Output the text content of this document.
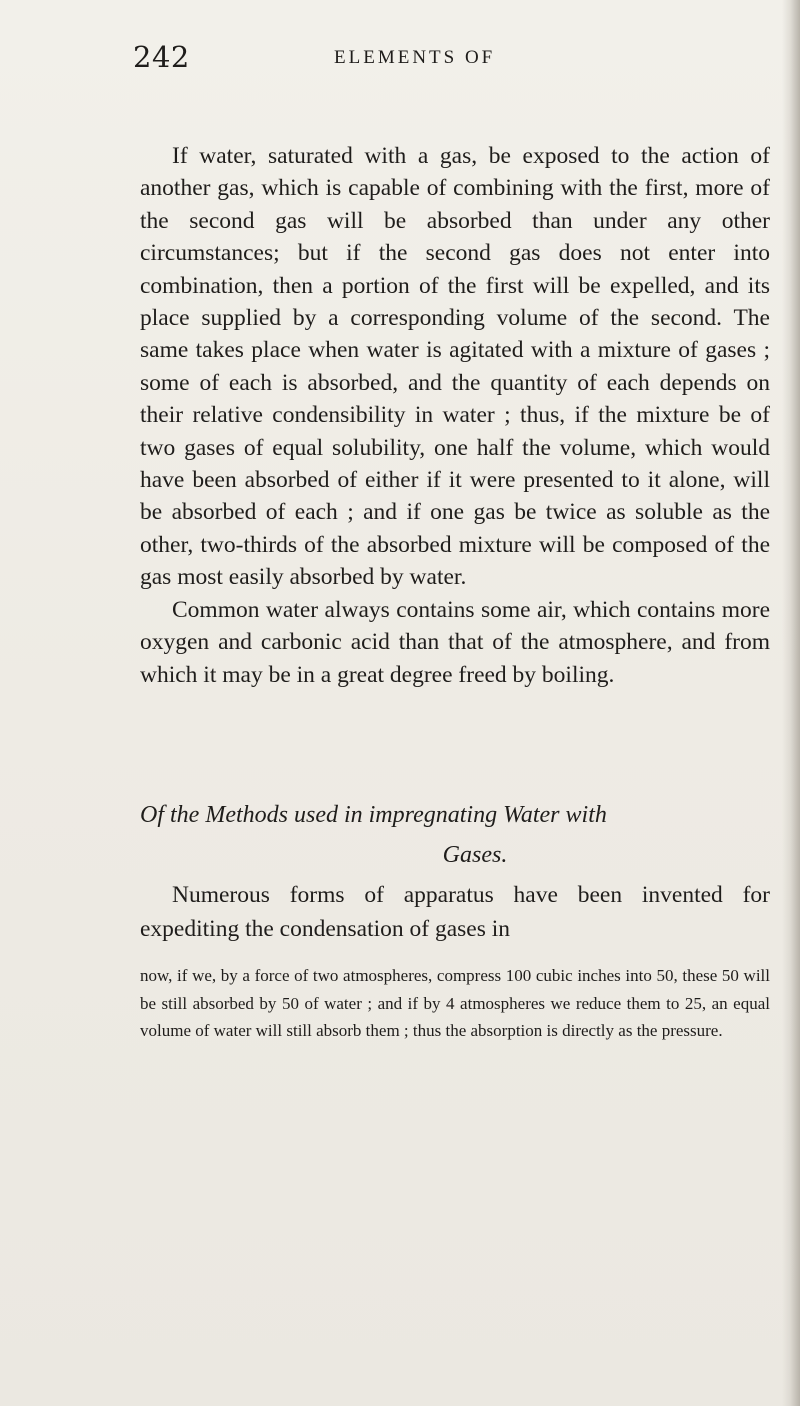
242	ELEMENTS OF

If water, saturated with a gas, be exposed to the action of another gas, which is capable of combining with the first, more of the second gas will be absorbed than under any other circumstances; but if the second gas does not enter into combination, then a portion of the first will be expelled, and its place supplied by a corresponding volume of the second. The same takes place when water is agitated with a mixture of gases ; some of each is absorbed, and the quantity of each depends on their relative condensibility in water ; thus, if the mixture be of two gases of equal solubility, one half the volume, which would have been absorbed of either if it were presented to it alone, will be absorbed of each ; and if one gas be twice as soluble as the other, two-thirds of the absorbed mixture will be composed of the gas most easily absorbed by water.

Common water always contains some air, which contains more oxygen and carbonic acid than that of the atmosphere, and from which it may be in a great degree freed by boiling.

Of the Methods used in impregnating Water with
Gases.

Numerous forms of apparatus have been invented for expediting the condensation of gases in

now, if we, by a force of two atmospheres, compress 100 cubic inches into 50, these 50 will be still absorbed by 50 of water ; and if by 4 atmospheres we reduce them to 25, an equal volume of water will still absorb them ; thus the absorption is directly as the pressure.
